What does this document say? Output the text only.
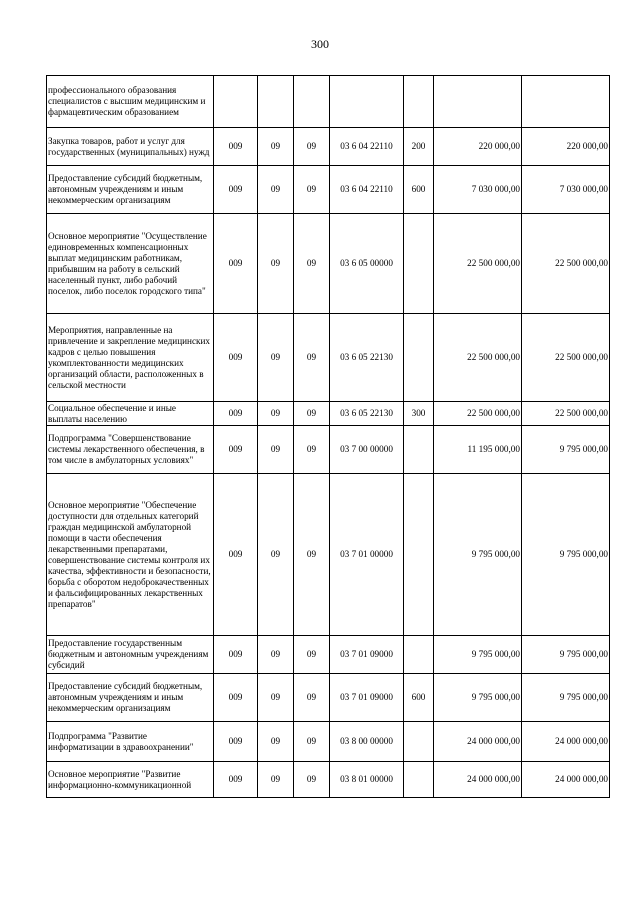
300
профессионального образования специалистов с высшим медицинским и фармацевтическим образованием							
Закупка товаров, работ и услуг для государственных (муниципальных) нужд	009	09	09	03 6 04 22110	200	220 000,00	220 000,00
Предоставление субсидий бюджетным, автономным учреждениям и иным некоммерческим организациям	009	09	09	03 6 04 22110	600	7 030 000,00	7 030 000,00
Основное мероприятие "Осуществление единовременных компенсационных выплат медицинским работникам, прибывшим на работу в сельский населенный пункт, либо рабочий поселок, либо поселок городского типа"	009	09	09	03 6 05 00000		22 500 000,00	22 500 000,00
Мероприятия, направленные на привлечение и закрепление медицинских кадров с целью повышения укомплектованности медицинских организаций области, расположенных в сельской местности	009	09	09	03 6 05 22130		22 500 000,00	22 500 000,00
Социальное обеспечение и иные выплаты населению	009	09	09	03 6 05 22130	300	22 500 000,00	22 500 000,00
Подпрограмма "Совершенствование системы лекарственного обеспечения, в том числе в амбулаторных условиях"	009	09	09	03 7 00 00000		11 195 000,00	9 795 000,00
Основное мероприятие "Обеспечение доступности для отдельных категорий граждан медицинской амбулаторной помощи в части обеспечения лекарственными препаратами, совершенствование системы контроля их качества, эффективности и безопасности, борьба с оборотом недоброкачественных и фальсифицированных лекарственных препаратов"	009	09	09	03 7 01 00000		9 795 000,00	9 795 000,00
Предоставление государственным бюджетным и автономным учреждениям субсидий	009	09	09	03 7 01 09000		9 795 000,00	9 795 000,00
Предоставление субсидий бюджетным, автономным учреждениям и иным некоммерческим организациям	009	09	09	03 7 01 09000	600	9 795 000,00	9 795 000,00
Подпрограмма "Развитие информатизации в здравоохранении"	009	09	09	03 8 00 00000		24 000 000,00	24 000 000,00
Основное мероприятие "Развитие информационно-коммуникационной	009	09	09	03 8 01 00000		24 000 000,00	24 000 000,00
